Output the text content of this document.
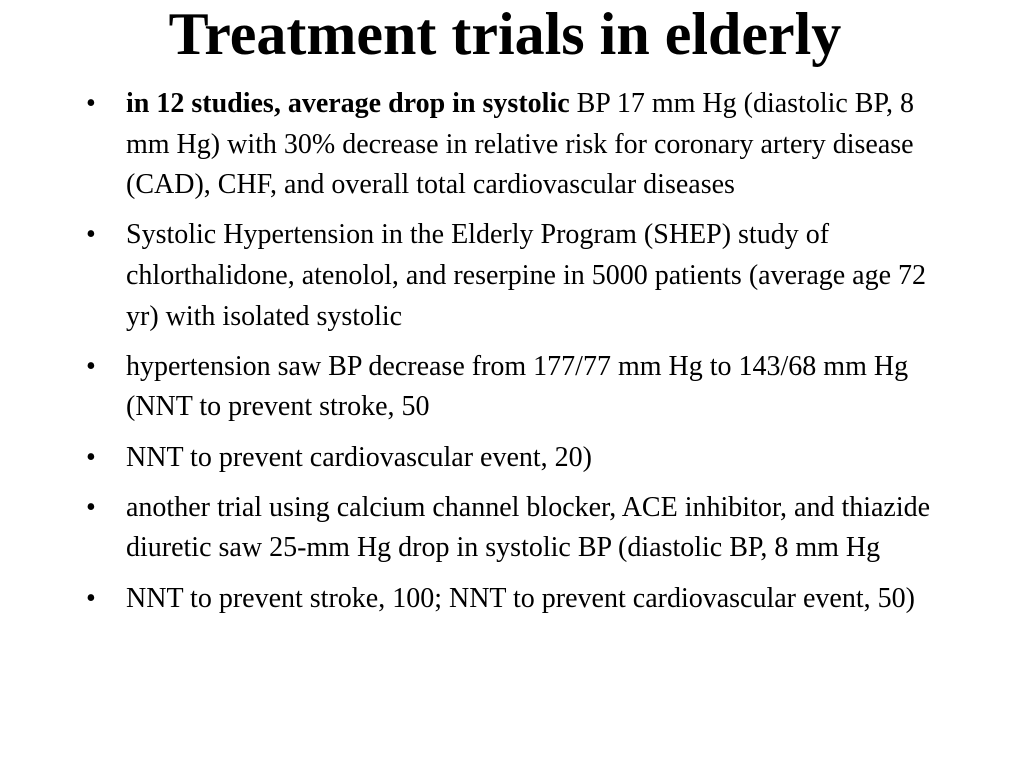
Treatment trials in elderly
• in 12 studies, average drop in systolic BP 17 mm Hg (diastolic BP, 8 mm Hg) with 30% decrease in relative risk for coronary artery disease (CAD), CHF, and overall total cardiovascular diseases
• Systolic Hypertension in the Elderly Program (SHEP) study of chlorthalidone, atenolol, and reserpine in 5000 patients (average age 72 yr) with isolated systolic
• hypertension saw BP decrease from 177/77 mm Hg to 143/68 mm Hg (NNT to prevent stroke, 50
• NNT to prevent cardiovascular event, 20)
• another trial using calcium channel blocker, ACE inhibitor, and thiazide diuretic saw 25-mm Hg drop in systolic BP (diastolic BP, 8 mm Hg
• NNT to prevent stroke, 100; NNT to prevent cardiovascular event, 50)
